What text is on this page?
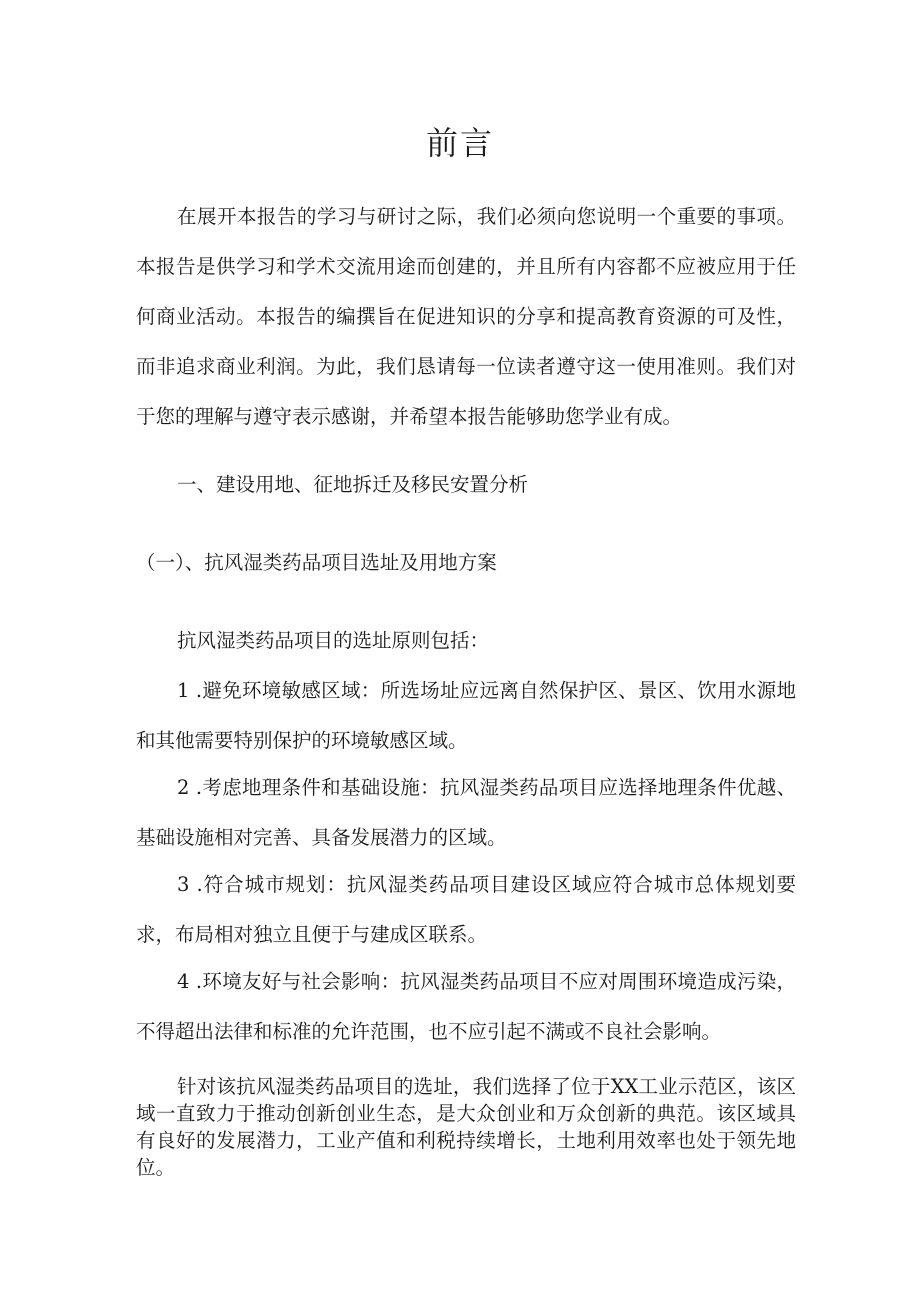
前言

在展开本报告的学习与研讨之际，我们必须向您说明一个重要的事项。本报告是供学习和学术交流用途而创建的，并且所有内容都不应被应用于任何商业活动。本报告的编撰旨在促进知识的分享和提高教育资源的可及性，而非追求商业利润。为此，我们恳请每一位读者遵守这一使用准则。我们对于您的理解与遵守表示感谢，并希望本报告能够助您学业有成。

一、建设用地、征地拆迁及移民安置分析

（一）、抗风湿类药品项目选址及用地方案

抗风湿类药品项目的选址原则包括：

1 .避免环境敏感区域：所选场址应远离自然保护区、景区、饮用水源地和其他需要特别保护的环境敏感区域。

2 .考虑地理条件和基础设施：抗风湿类药品项目应选择地理条件优越、基础设施相对完善、具备发展潜力的区域。

3 .符合城市规划：抗风湿类药品项目建设区域应符合城市总体规划要求，布局相对独立且便于与建成区联系。

4 .环境友好与社会影响：抗风湿类药品项目不应对周围环境造成污染，不得超出法律和标准的允许范围，也不应引起不满或不良社会影响。

针对该抗风湿类药品项目的选址，我们选择了位于XX工业示范区，该区域一直致力于推动创新创业生态，是大众创业和万众创新的典范。该区域具有良好的发展潜力，工业产值和利税持续增长，土地利用效率也处于领先地位。
